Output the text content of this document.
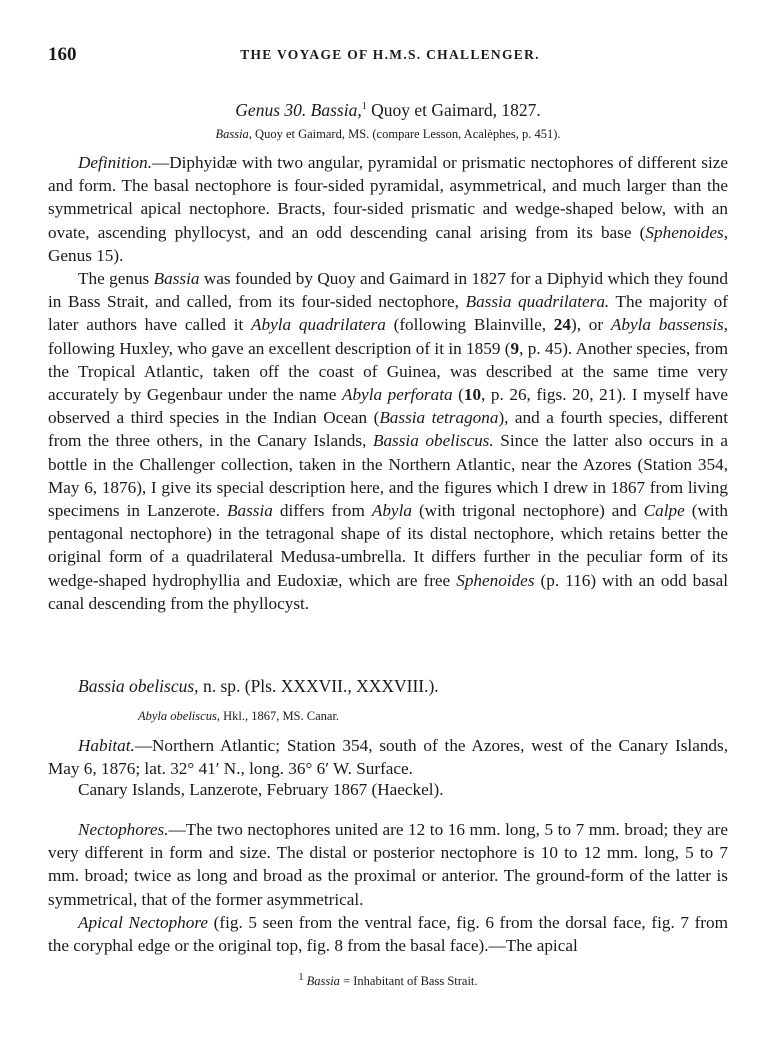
160	THE VOYAGE OF H.M.S. CHALLENGER.
Genus 30. Bassia,$^1$ Quoy et Gaimard, 1827.
Bassia, Quoy et Gaimard, MS. (compare Lesson, Acalèphes, p. 451).

Definition.—Diphyidæ with two angular, pyramidal or prismatic nectophores of different size and form. The basal nectophore is four-sided pyramidal, asymmetrical, and much larger than the symmetrical apical nectophore. Bracts, four-sided prismatic and wedge-shaped below, with an ovate, ascending phyllocyst, and an odd descending canal arising from its base (Sphenoides, Genus 15).

The genus Bassia was founded by Quoy and Gaimard in 1827 for a Diphyid which they found in Bass Strait, and called, from its four-sided nectophore, Bassia quadrilatera. The majority of later authors have called it Abyla quadrilatera (following Blainville, 24), or Abyla bassensis, following Huxley, who gave an excellent description of it in 1859 (9, p. 45). Another species, from the Tropical Atlantic, taken off the coast of Guinea, was described at the same time very accurately by Gegenbaur under the name Abyla perforata (10, p. 26, figs. 20, 21). I myself have observed a third species in the Indian Ocean (Bassia tetragona), and a fourth species, different from the three others, in the Canary Islands, Bassia obeliscus. Since the latter also occurs in a bottle in the Challenger collection, taken in the Northern Atlantic, near the Azores (Station 354, May 6, 1876), I give its special description here, and the figures which I drew in 1867 from living specimens in Lanzerote. Bassia differs from Abyla (with trigonal nectophore) and Calpe (with pentagonal nectophore) in the tetragonal shape of its distal nectophore, which retains better the original form of a quadrilateral Medusa-umbrella. It differs further in the peculiar form of its wedge-shaped hydrophyllia and Eudoxiæ, which are free Sphenoides (p. 116) with an odd basal canal descending from the phyllocyst.

Bassia obeliscus, n. sp. (Pls. XXXVII., XXXVIII.).
Abyla obeliscus, Hkl., 1867, MS. Canar.

Habitat.—Northern Atlantic; Station 354, south of the Azores, west of the Canary Islands, May 6, 1876; lat. 32° 41′ N., long. 36° 6′ W. Surface.

Canary Islands, Lanzerote, February 1867 (Haeckel).

Nectophores.—The two nectophores united are 12 to 16 mm. long, 5 to 7 mm. broad; they are very different in form and size. The distal or posterior nectophore is 10 to 12 mm. long, 5 to 7 mm. broad; twice as long and broad as the proximal or anterior. The ground-form of the latter is symmetrical, that of the former asymmetrical.

Apical Nectophore (fig. 5 seen from the ventral face, fig. 6 from the dorsal face, fig. 7 from the coryphal edge or the original top, fig. 8 from the basal face).—The apical

$^1$ Bassia = Inhabitant of Bass Strait.
